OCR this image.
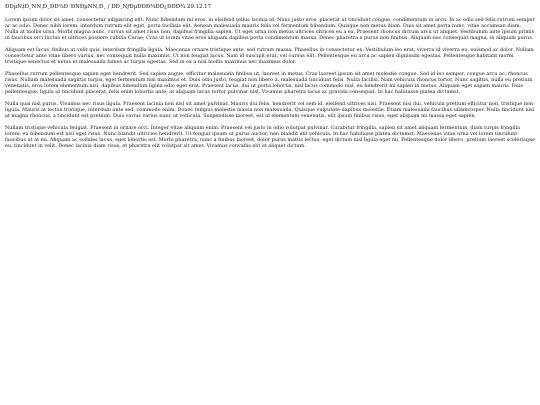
ÐÐµÑ‡Ð¸ÑÑ‚Ð¸ÐÐ¾Ð´ÐÑÐµÑÑ‚Ð¸ / ÐÐ¸ÑƒÐµÐÐÐ¾ÐÐ¿ÐÐÐ¾ 29.12.17

Lorem ipsum dolor sit amet, consectetur adipiscing elit. Nunc bibendum mi eros, in eleifend tellus lacinia id. Nunc justo eros, placerat ut tincidunt congue, condimentum in arcu. In ac odio sed felis rutrum semper ac ac odio. Donec nibh lorem, interdum rutrum elit eget, porta facilisis elit. Aenean malesuada mauris felis vel fermentum bibendum. Quisque non metus diam. Duis sit amet porta nunc, vitae accumsan diam. Nulla at mollis urna. Morbi magna nunc, cursus sit amet risus non, dapibus fringilla sapien. Ut eget urna non metus ultrices ultrices eu a ex. Praesent rhoncus dictum arcu ut aliquet. Vestibulum ante ipsum primis in faucibus orci luctus et ultrices posuere cubilia Curae; Cras ut lorem vitae eros aliquam dapibus porta condimentum massa. Donec pharetra a purus non finibus. Aliquam nec consequat magna, in aliquam purus.

Aliquam est lacus, finibus ut velit quis, interdum fringilla ligula. Maecenas ornare tristique ante, sed rutrum massa. Phasellus in consectetur ex. Vestibulum leo erat, viverra id viverra eu, euismod ac dolor. Nullam consectetur ante vitae libero varius, nec consequat nulla maximus. Ut non feugiat lacus. Nam id suscipit erat, vel cursus elit. Pellentesque eu arcu ac sapien dignissim egestas. Pellentesque habitant morbi tristique senectus et netus et malesuada fames ac turpis egestas. Sed in ex a nisl mollis maximus nec maximus dolor.

Phasellus rutrum pellentesque sapien eget hendrerit. Sed sapien augue, efficitur malesuada finibus ut, laoreet in metus. Cras laoreet ipsum sit amet molestie congue. Sed id leo semper, congue arcu ac, rhoncus risus. Nullam malesuada sagittis turpis, eget fermentum nisi maximus et. Duis odio justo, feugiat non libero a, malesuada tincidunt felis. Nulla facilisi. Nam vehicula rhoncus tortor. Nunc sagittis, nulla eu pretium venenatis, eros lorem elementum nisi, dapibus bibendum ligula odio eget erat. Praesent lacus, dui ut porta lobortis, nisl lacus commodo nisl, eu hendrerit mi sapien in metus. Aliquam eget sapien mauris. Duis pellentesque, ligula id tincidunt placerat, felis enim lobortis ante, at aliquam lacus tortor pulvinar nisl. Vivamus pharetra lacus ac gravida consequat. In hac habitasse platea dictumst.

Nulla quis nisl purus. Vivamus nec risus ligula. Praesent lacinia non nisl sit amet pulvinar. Mauris dui felis, hendrerit vel sem id, eleifend ultrices nisi. Praesent nisi dui, vehicula pretium efficitur non, tristique non ligula. Mauris at lectus tristique, interdum ante sed, commodo enim. Donec tempus molestie massa non malesuada. Quisque vulputate dapibus molestie. Etiam malesuada faucibus ullamcorper. Nulla tincidunt nisi at magna rhoncus, a tincidunt est pretium. Duis varius varius nunc at vehicula. Suspendisse laoreet, est id elementum venenatis, elit ipsum finibus risus, eget aliquam mi massa eget sapien.

Nullam tristique vehicula feugiat. Praesent in ornare orci. Integer vitae aliquam enim. Praesent vel justo in odio volutpat pulvinar. Curabitur fringilla, sapien sit amet aliquam fermentum, diam turpis fringilla lorem, eu bibendum est nisi eget risus. Nunc blandit ultricies hendrerit. Ut feugiat ipsum ut purus auctor, non blandit elit vehicula. In hac habitasse platea dictumst. Maecenas vitae urna vel lorem tincidunt faucibus ut at mi. Aliquam ac sodales lacus, eget lobortis est. Morbi pharetra, nunc a finibus laoreet, dolor purus mattis lectus, eget dictum nisl ligula eget mi. Pellentesque dolor libero, pretium laoreet scelerisque eu, tincidunt in velit. Donec lacinia diam risus, et pharetra elit volutpat sit amet. Vivamus convallis elit et aliquet dictum.
